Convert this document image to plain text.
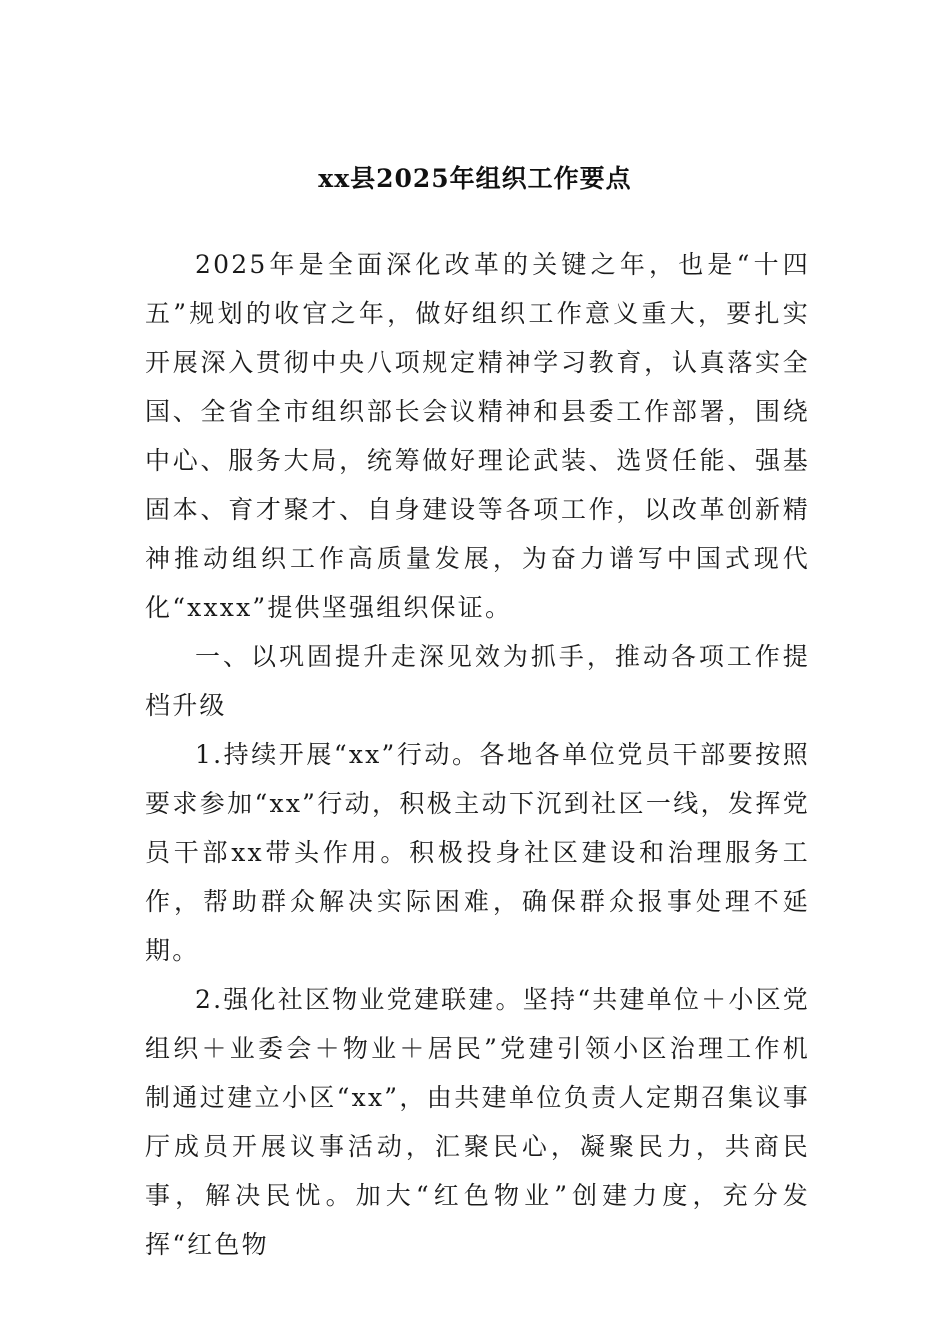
xx县2025年组织工作要点

2025年是全面深化改革的关键之年，也是“十四五”规划的收官之年，做好组织工作意义重大，要扎实开展深入贯彻中央八项规定精神学习教育，认真落实全国、全省全市组织部长会议精神和县委工作部署，围绕中心、服务大局，统筹做好理论武装、选贤任能、强基固本、育才聚才、自身建设等各项工作，以改革创新精神推动组织工作高质量发展，为奋力谱写中国式现代化“xxxx”提供坚强组织保证。

一、以巩固提升走深见效为抓手，推动各项工作提档升级

1.持续开展“xx”行动。各地各单位党员干部要按照要求参加“xx”行动，积极主动下沉到社区一线，发挥党员干部xx带头作用。积极投身社区建设和治理服务工作，帮助群众解决实际困难，确保群众报事处理不延期。

2.强化社区物业党建联建。坚持“共建单位＋小区党组织＋业委会＋物业＋居民”党建引领小区治理工作机制通过建立小区“xx”，由共建单位负责人定期召集议事厅成员开展议事活动，汇聚民心，凝聚民力，共商民事，解决民忧。加大“红色物业”创建力度，充分发挥“红色物
